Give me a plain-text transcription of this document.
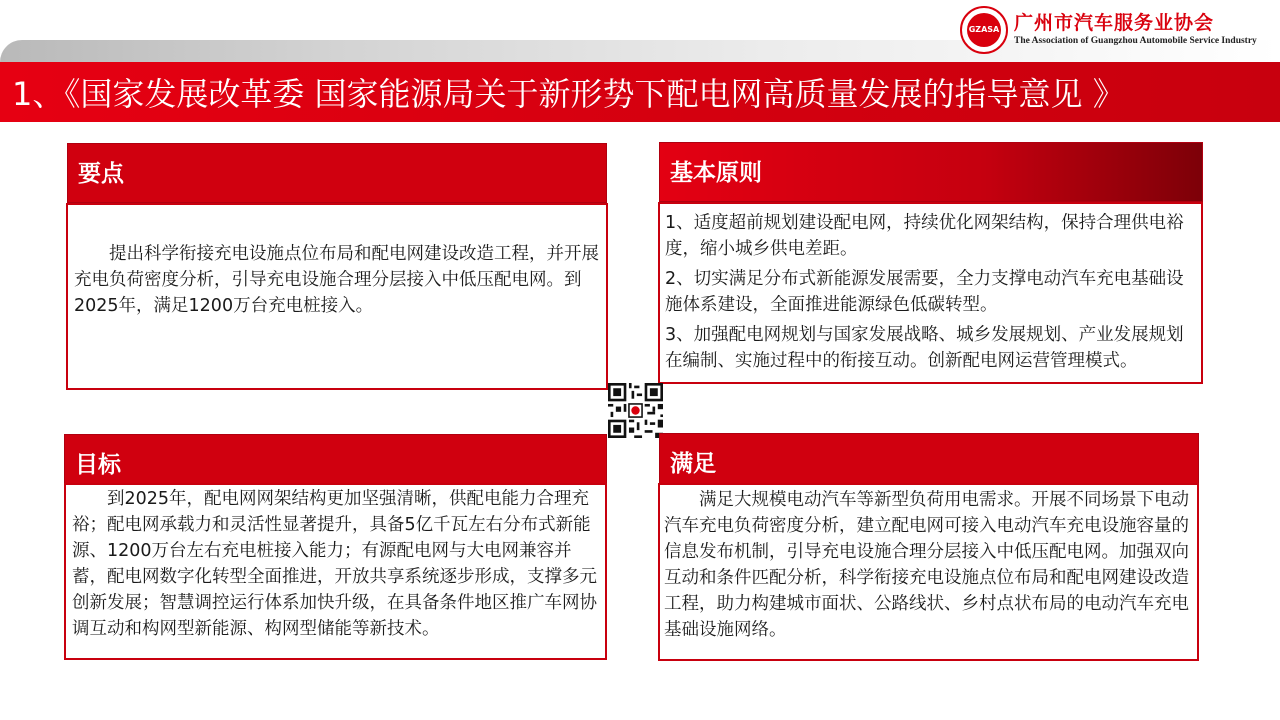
1、《国家发展改革委 国家能源局关于新形势下配电网高质量发展的指导意见 》
GZASA 广州市汽车服务业协会
The Association of Guangzhou Automobile Service Industry
要点
　　提出科学衔接充电设施点位布局和配电网建设改造工程，并开展充电负荷密度分析，引导充电设施合理分层接入中低压配电网。到2025年，满足1200万台充电桩接入。
基本原则
1、适度超前规划建设配电网，持续优化网架结构，保持合理供电裕度，缩小城乡供电差距。
2、切实满足分布式新能源发展需要，全力支撑电动汽车充电基础设施体系建设，全面推进能源绿色低碳转型。
3、加强配电网规划与国家发展战略、城乡发展规划、产业发展规划在编制、实施过程中的衔接互动。创新配电网运营管理模式。
目标
　　到2025年，配电网网架结构更加坚强清晰，供配电能力合理充裕；配电网承载力和灵活性显著提升，具备5亿千瓦左右分布式新能源、1200万台左右充电桩接入能力；有源配电网与大电网兼容并蓄，配电网数字化转型全面推进，开放共享系统逐步形成，支撑多元创新发展；智慧调控运行体系加快升级，在具备条件地区推广车网协调互动和构网型新能源、构网型储能等新技术。
满足
　　满足大规模电动汽车等新型负荷用电需求。开展不同场景下电动汽车充电负荷密度分析，建立配电网可接入电动汽车充电设施容量的信息发布机制，引导充电设施合理分层接入中低压配电网。加强双向互动和条件匹配分析，科学衔接充电设施点位布局和配电网建设改造工程，助力构建城市面状、公路线状、乡村点状布局的电动汽车充电基础设施网络。
